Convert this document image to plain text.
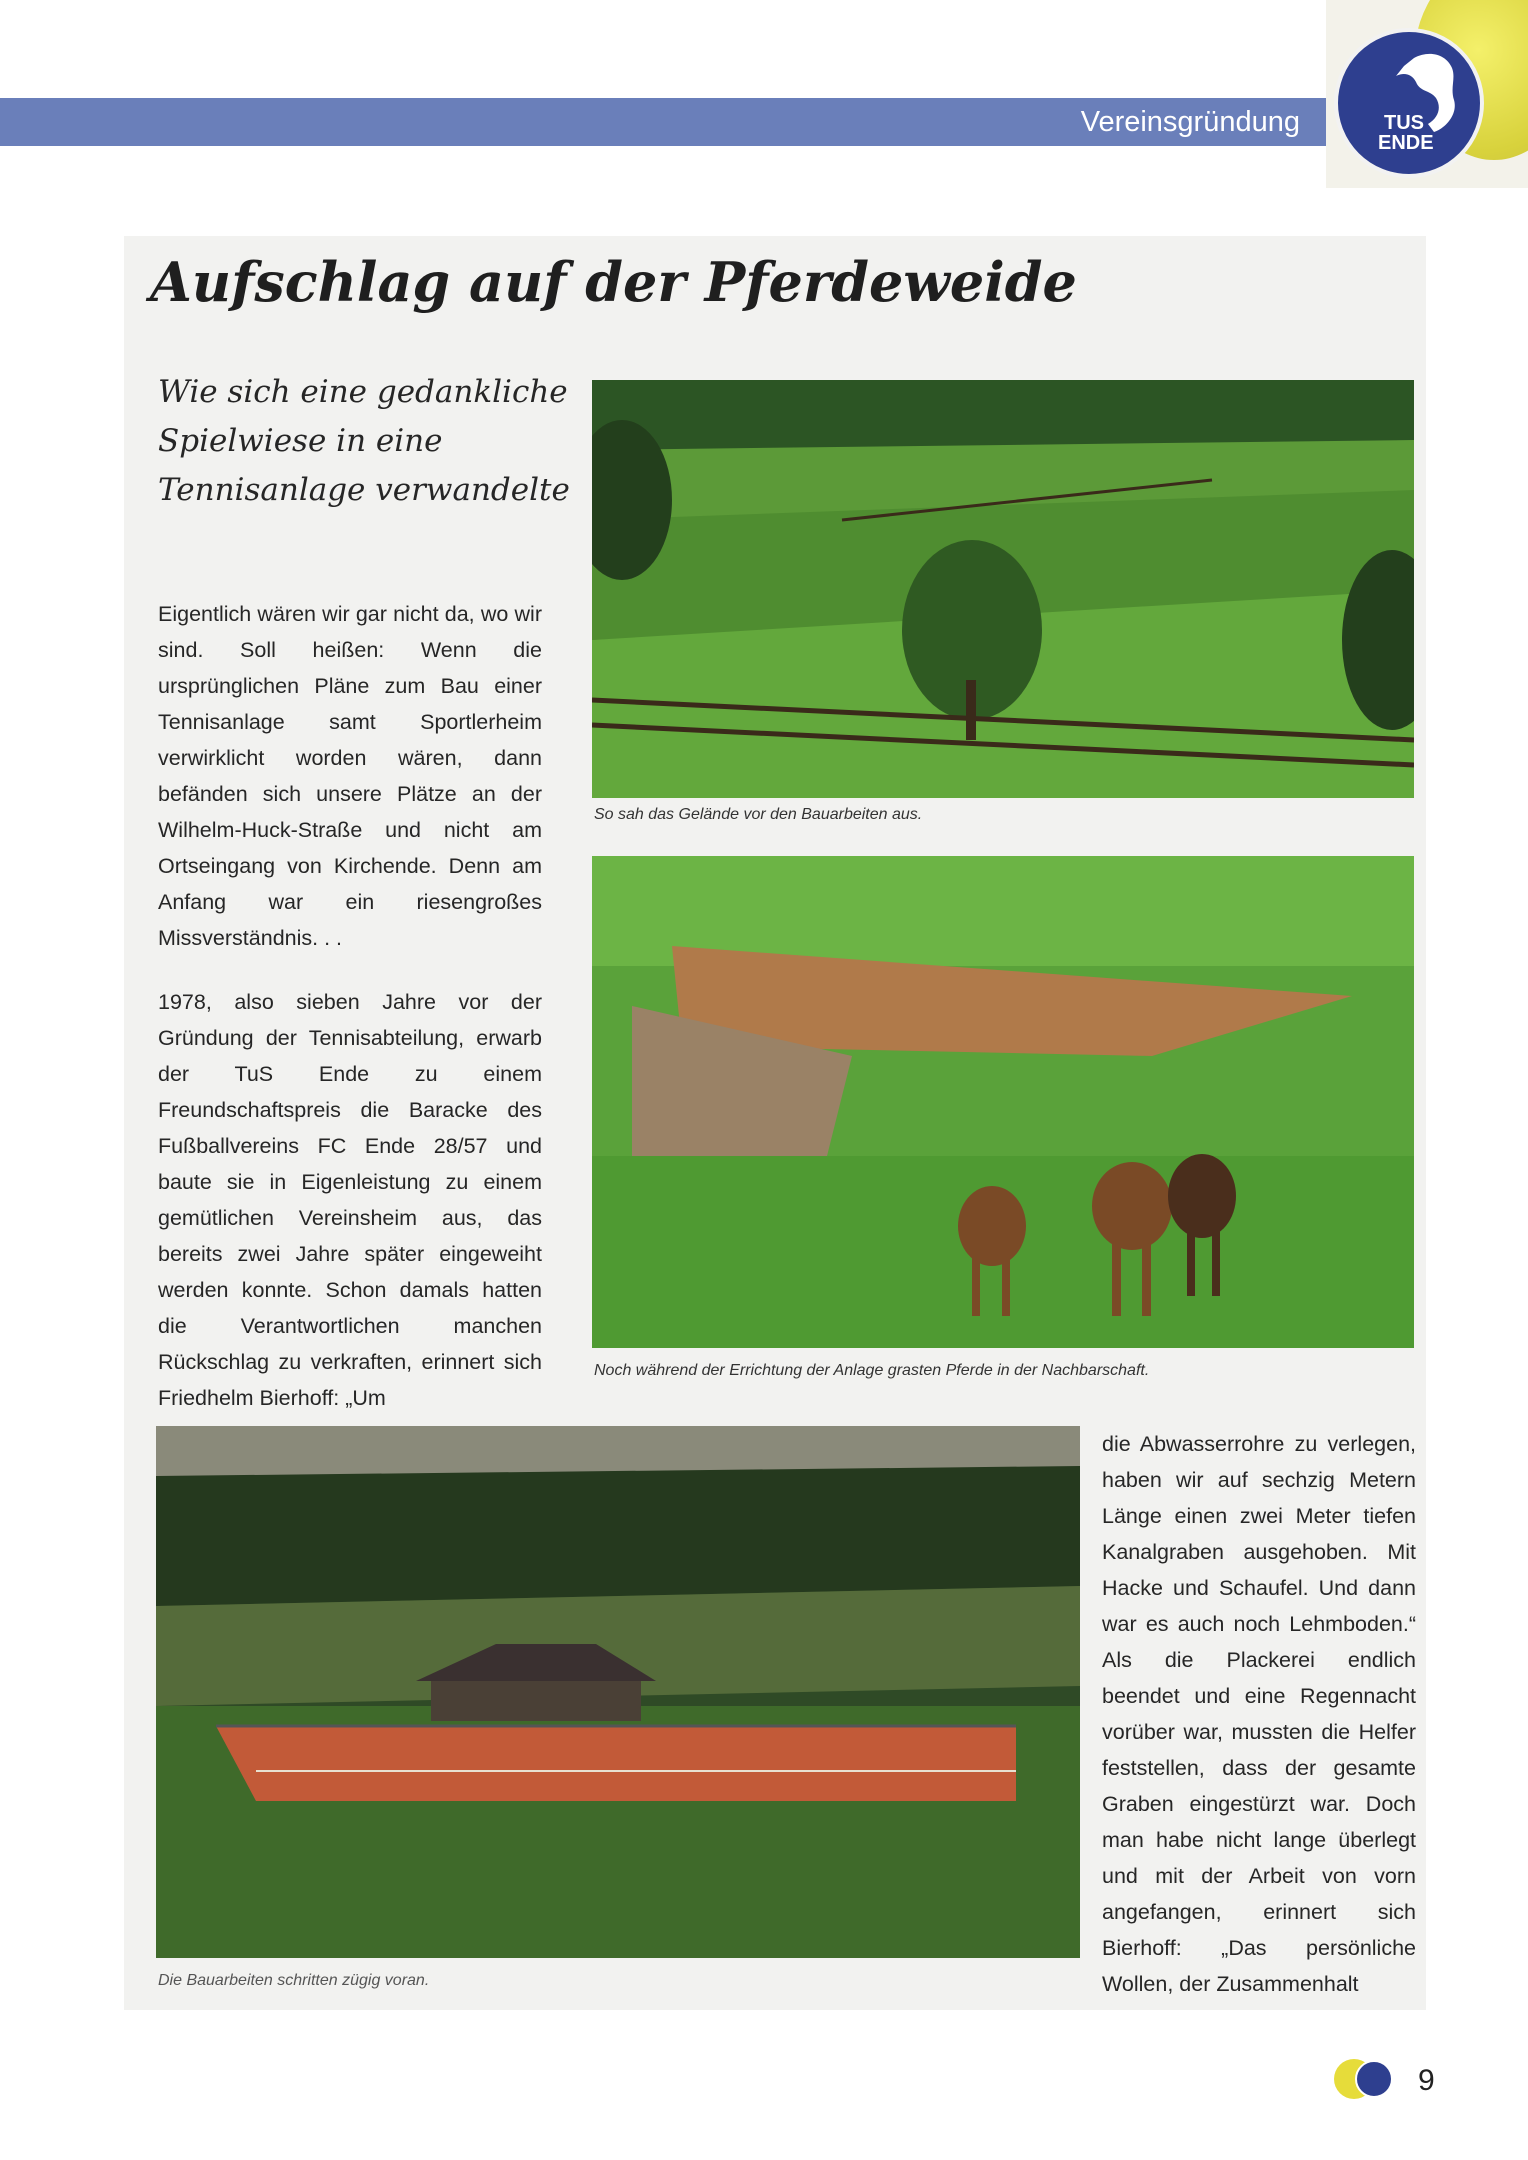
Vereinsgründung	TUS
ENDE
Aufschlag auf der Pferdeweide

Wie sich eine gedankliche Spielwiese in eine Tennisanlage verwandelte

Eigentlich wären wir gar nicht da, wo wir sind. Soll heißen: Wenn die ursprünglichen Pläne zum Bau einer Tennisanlage samt Sportlerheim verwirklicht worden wären, dann befänden sich unsere Plätze an der Wilhelm-Huck-Straße und nicht am Ortseingang von Kirchende. Denn am Anfang war ein riesengroßes Missverständnis. . .

1978, also sieben Jahre vor der Gründung der Tennisabteilung, erwarb der TuS Ende zu einem Freundschaftspreis die Baracke des Fußballvereins FC Ende 28/57 und baute sie in Eigenleistung zu einem gemütlichen Vereinsheim aus, das bereits zwei Jahre später eingeweiht werden konnte. Schon damals hatten die Verantwortlichen manchen Rückschlag zu verkraften, erinnert sich Friedhelm Bierhoff: „Um

die Abwasserrohre zu verlegen, haben wir auf sechzig Metern Länge einen zwei Meter tiefen Kanalgraben ausgehoben. Mit Hacke und Schaufel. Und dann war es auch noch Lehmboden.“ Als die Plackerei endlich beendet und eine Regennacht vorüber war, mussten die Helfer feststellen, dass der gesamte Graben eingestürzt war. Doch man habe nicht lange überlegt und mit der Arbeit von vorn angefangen, erinnert sich Bierhoff: „Das persönliche Wollen, der Zusammenhalt

So sah das Gelände vor den Bauarbeiten aus.
Noch während der Errichtung der Anlage grasten Pferde in der Nachbarschaft.
Die Bauarbeiten schritten zügig voran.
9
